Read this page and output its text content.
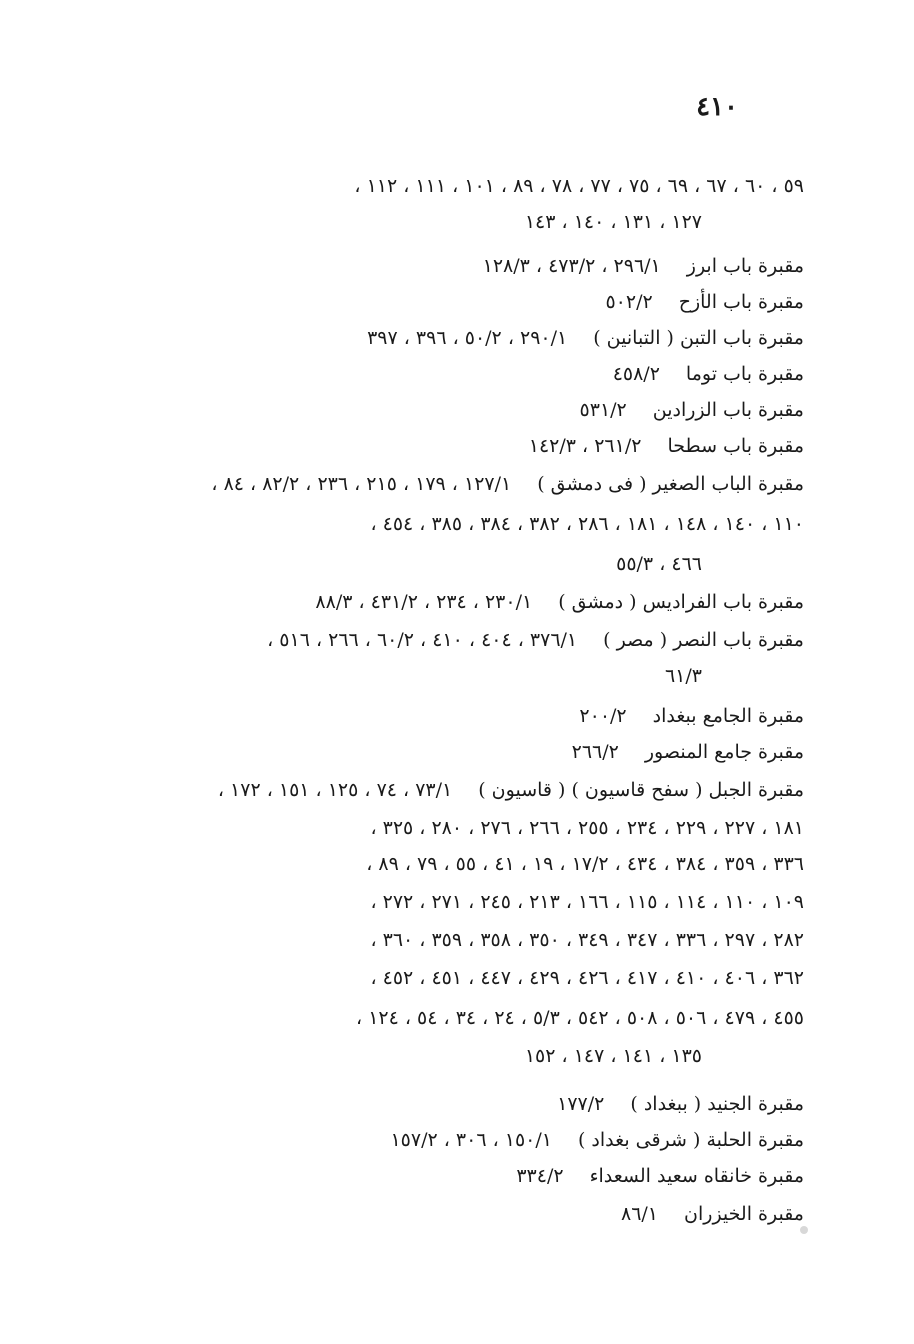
٤١٠
٥٩ ، ٦٠ ، ٦٧ ، ٦٩ ، ٧٥ ، ٧٧ ، ٧٨ ، ٨٩ ، ١٠١ ، ١١١ ، ١١٢ ،
١٢٧ ، ١٣١ ، ١٤٠ ، ١٤٣
مقبرة باب ابرز٢٩٦/١ ، ٤٧٣/٢ ، ١٢٨/٣
مقبرة باب الأزح٥٠٢/٢
مقبرة باب التبن ( التبانين )٢٩٠/١ ، ٥٠/٢ ، ٣٩٦ ، ٣٩٧
مقبرة باب توما٤٥٨/٢
مقبرة باب الزرادين٥٣١/٢
مقبرة باب سطحا٢٦١/٢ ، ١٤٢/٣
مقبرة الباب الصغير ( فى دمشق )١٢٧/١ ، ١٧٩ ، ٢١٥ ، ٢٣٦ ، ٨٢/٢ ، ٨٤ ،
١١٠ ، ١٤٠ ، ١٤٨ ، ١٨١ ، ٢٨٦ ، ٣٨٢ ، ٣٨٤ ، ٣٨٥ ، ٤٥٤ ،
٤٦٦ ، ٥٥/٣
مقبرة باب الفراديس ( دمشق )٢٣٠/١ ، ٢٣٤ ، ٤٣١/٢ ، ٨٨/٣
مقبرة باب النصر ( مصر )٣٧٦/١ ، ٤٠٤ ، ٤١٠ ، ٦٠/٢ ، ٢٦٦ ، ٥١٦ ،
٦١/٣
مقبرة الجامع ببغداد٢٠٠/٢
مقبرة جامع المنصور٢٦٦/٢
مقبرة الجبل ( سفح قاسيون ) ( قاسيون )٧٣/١ ، ٧٤ ، ١٢٥ ، ١٥١ ، ١٧٢ ،
١٨١ ، ٢٢٧ ، ٢٢٩ ، ٢٣٤ ، ٢٥٥ ، ٢٦٦ ، ٢٧٦ ، ٢٨٠ ، ٣٢٥ ،
٣٣٦ ، ٣٥٩ ، ٣٨٤ ، ٤٣٤ ، ١٧/٢ ، ١٩ ، ٤١ ، ٥٥ ، ٧٩ ، ٨٩ ،
١٠٩ ، ١١٠ ، ١١٤ ، ١١٥ ، ١٦٦ ، ٢١٣ ، ٢٤٥ ، ٢٧١ ، ٢٧٢ ،
٢٨٢ ، ٢٩٧ ، ٣٣٦ ، ٣٤٧ ، ٣٤٩ ، ٣٥٠ ، ٣٥٨ ، ٣٥٩ ، ٣٦٠ ،
٣٦٢ ، ٤٠٦ ، ٤١٠ ، ٤١٧ ، ٤٢٦ ، ٤٢٩ ، ٤٤٧ ، ٤٥١ ، ٤٥٢ ،
٤٥٥ ، ٤٧٩ ، ٥٠٦ ، ٥٠٨ ، ٥٤٢ ، ٥/٣ ، ٢٤ ، ٣٤ ، ٥٤ ، ١٢٤ ،
١٣٥ ، ١٤١ ، ١٤٧ ، ١٥٢
مقبرة الجنيد ( ببغداد )١٧٧/٢
مقبرة الحلبة ( شرقى بغداد )١٥٠/١ ، ٣٠٦ ، ١٥٧/٢
مقبرة خانقاه سعيد السعداء٣٣٤/٢
مقبرة الخيزران٨٦/١
